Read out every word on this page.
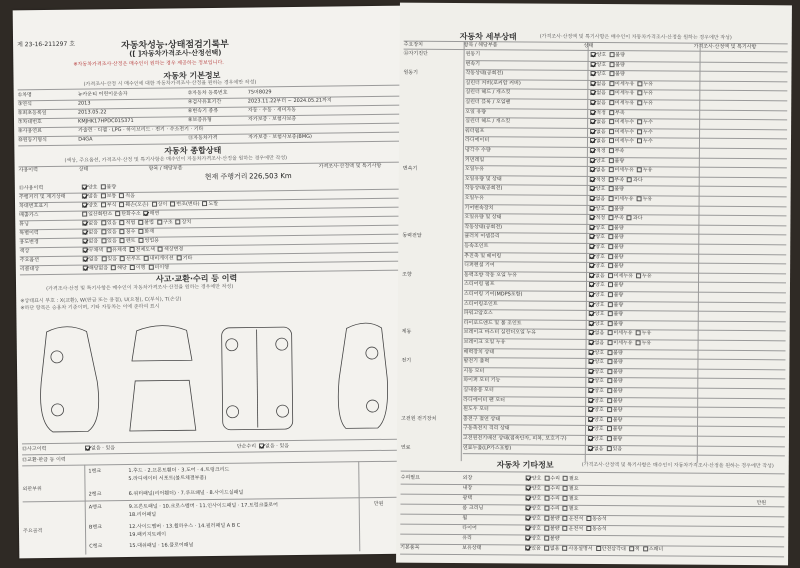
제 23-16-211297 호	자동차성능·상태점검기록부
([ ]자동차가격조사·산정선택)
※자동차가격조사·산정은 매수인이 원하는 경우 제공하는 정보입니다.
자동차 기본정보
(가격조사·산정 시 매수인에 대한 자동차가격조사·산정을 원하는 경우에만 작성)
①차명	뉴카운티 어린이운송자	②자동차 등록번호	75머8029
③연식	2013	④검사유효기간	2023.11.22부터 ~ 2024.05.21까지
⑤최초등록일	2013.05.22	⑥변속기 종류	자동 · 수동 · 세미자동
⑦차대번호	KMJHK17HPDC015371	⑧보증유형	자가보증 · 보험사보증
⑨사용연료	가솔린 · 디젤 · LPG · 하이브리드 · 전기 · 수소전기 · 기타
⑩원동기형식	D4GA	⑪자동차가격	자가보증 · 보험사보증(BMG)
자동차 종합상태
(색상, 주요옵션, 가격조사·산정 및 특기사항은 매수인이 자동차가격조사·산정을 원하는 경우에만 작성)
사용이력	상태	항목 / 해당부품	가격조사·산정액 및 특기사항
현재 주행거리 226,503 Km
⑪사용이력	양호 불량
주행거리 및 계기상태	많음 보통 적음
차대번호표기	양호 부식 훼손(오손) 상이 변조(변타) 도말
배출가스	일산화탄소 탄화수소 매연
튜닝	없음 있음 적법 불법 구조 장치
특별이력	없음 있음 침수 화재
용도변경	없음 있음 렌트 영업용
색상	무채색 유채색 전체도색 색상변경
주요옵션	없음 있음 선루프 내비게이션 기타
리콜대상	해당없음 해당 이행 미이행
사고·교환·수리 등 이력
(가격조사·산정 및 특기사항은 매수인이 자동차가격조사·산정을 원하는 경우에만 작성)
※상태표시 부호 : X(교환), W(판금 또는 용접), U(요철), C(부식), T(손상)
※하단 항목은 승용차 기준이며, 기타 자동차는 이에 준하여 표시
⑫사고이력	없음 · 있음	단순수리 없음 · 있음
⑬교환·판금 등 이력
외판부위
1랭크	1.후드 · 2.프론트휀더 · 3.도어 · 4.트렁크리드
5.라디에이터 서포트(볼트체결부품)
2랭크	6.쿼터패널(리어휀더) · 7.루프패널 · 8.사이드실패널
주요골격
A랭크	9.프론트패널 · 10.크로스멤버 · 11.인사이드패널 · 17.트렁크플로어
18.리어패널
B랭크	12.사이드멤버 · 13.휠하우스 · 14.필러패널 A B C
19.패키지트레이
C랭크	15.대쉬패널 · 16.플로어패널
만원
자동차 세부상태	(가격조사·산정액 및 특기사항은 매수인이 자동차가격조사·산정을 원하는 경우에만 작성)
주요장치	항목 / 해당부품	상태	가격조사·산정액 및 특기사항
⑭자기진단	원동기	양호 불량
변속기	양호 불량
원동기	작동상태(공회전)	양호 불량
실린더 커버(로커암 커버)	없음 미세누유 누유
실린더 헤드 / 개스킷	없음 미세누유 누유
실린더 블록 / 오일팬	없음 미세누유 누유
오일 유량	적정 부족
실린더 헤드 / 개스킷	없음 미세누수 누수
워터펌프	없음 미세누수 누수
라디에이터	없음 미세누수 누수
냉각수 수량	적정 부족
커먼레일	양호 불량
변속기	오일누유	없음 미세누유 누유
오일유량 및 상태	적정 부족 과다
작동상태(공회전)	양호 불량
오일누유	없음 미세누유 누유
기어변속장치	양호 불량
오일유량 및 상태	적정 부족 과다
작동상태(공회전)	양호 불량
동력전달	클러치 어셈블리	양호 불량
등속조인트	양호 불량
추진축 및 베어링	양호 불량
디퍼렌셜 기어	양호 불량
조향	동력조향 작동 오일 누유	없음 미세누유 누유
스티어링 펌프	양호 불량
스티어링 기어(MDPS포함)	양호 불량
스티어링조인트	양호 불량
파워고압호스	양호 불량
타이로드엔드 및 볼 조인트	양호 불량
제동	브레이크 마스터 실린더오일 누유	없음 미세누유 누유
브레이크 오일 누유	없음 미세누유 누유
배력장치 상태	양호 불량
전기	발전기 출력	양호 불량
시동 모터	양호 불량
와이퍼 모터 기능	양호 불량
실내송풍 모터	양호 불량
라디에이터 팬 모터	양호 불량
윈도우 모터	양호 불량
고전원 전기장치	충전구 절연 상태	양호 불량
구동축전지 격리 상태	양호 불량
고전원전기배선 상태(접속단자, 피복, 보호기구)	양호 불량
연료	연료누출(LP가스포함)	없음 있음
자동차 기타정보	(가격조사·산정액 및 특기사항은 매수인이 자동차가격조사·산정을 원하는 경우에만 작성)
수리필요	외장	양호 수리 필요
내장	양호 수리 필요
광택	양호 수리 필요
룸 크리닝	양호 수리 필요
휠	양호 불량 운전석 동승석
타이어	양호 불량 운전석 동승석
유리	양호 불량
기본품목	보유상태	있음 없음 사용설명서 안전삼각대 잭 스패너
만원
